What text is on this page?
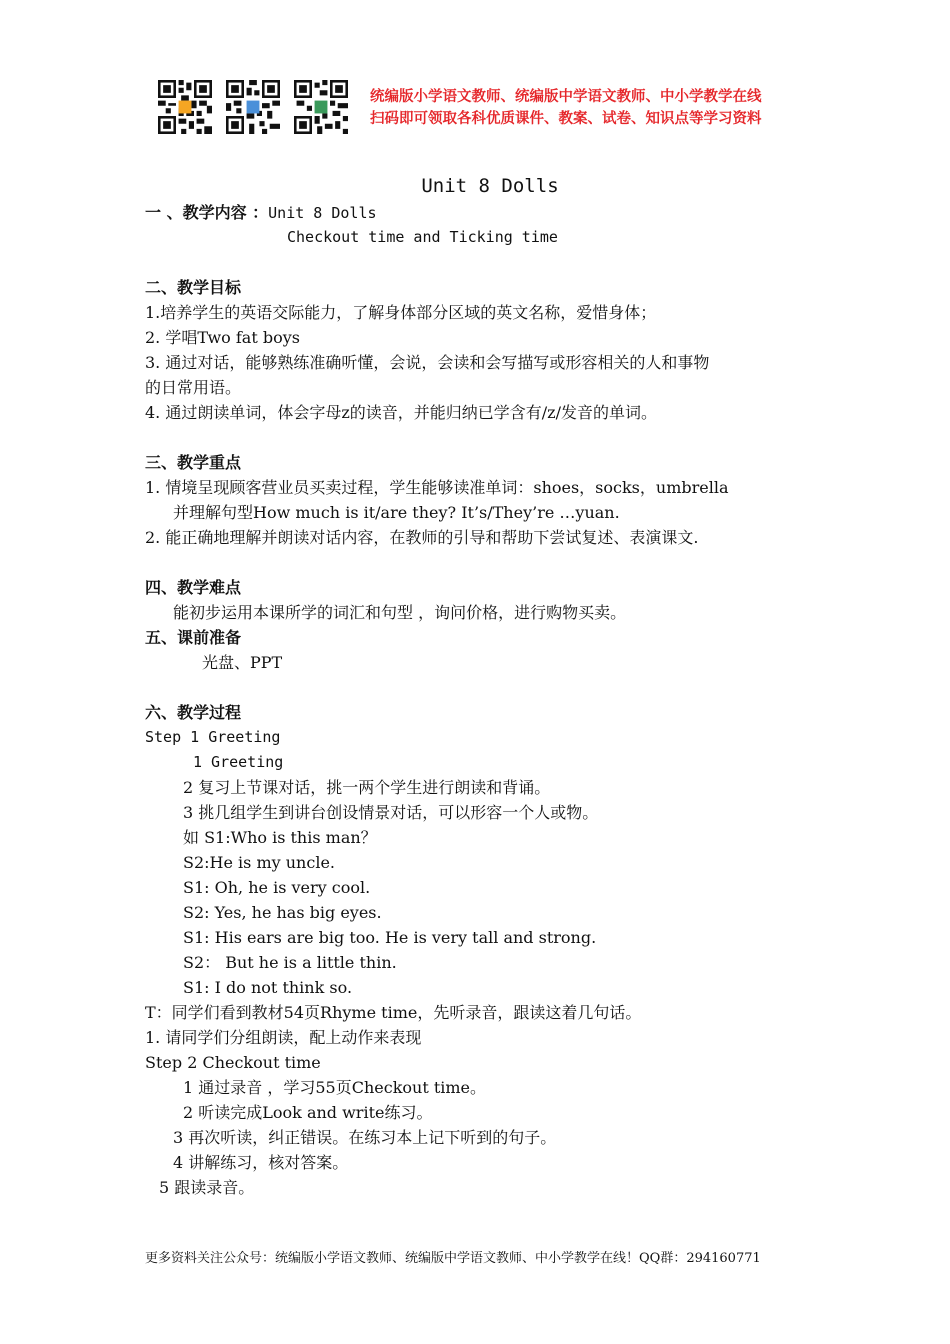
统编版小学语文教师、统编版中学语文教师、中小学教学在线
扫码即可领取各科优质课件、教案、试卷、知识点等学习资料
Unit 8 Dolls
一 、教学内容 ：Unit 8 Dolls
Checkout time and Ticking time
二、教学目标
1.培养学生的英语交际能力，了解身体部分区域的英文名称，爱惜身体；
2. 学唱Two fat boys
3. 通过对话，能够熟练准确听懂，会说，会读和会写描写或形容相关的人和事物
的日常用语。
4. 通过朗读单词，体会字母z的读音，并能归纳已学含有/z/发音的单词。
三、教学重点
1. 情境呈现顾客营业员买卖过程，学生能够读准单词：shoes，socks，umbrella
并理解句型How much is it/are they? It’s/They’re …yuan.
2. 能正确地理解并朗读对话内容，在教师的引导和帮助下尝试复述、表演课文.
四、教学难点
能初步运用本课所学的词汇和句型 ，询问价格，进行购物买卖。
五、课前准备
光盘、PPT
六、教学过程
Step 1 Greeting
1 Greeting
2 复习上节课对话，挑一两个学生进行朗读和背诵。
3 挑几组学生到讲台创设情景对话，可以形容一个人或物。
如 S1:Who is this man？
S2:He is my uncle.
S1: Oh, he is very cool.
S2: Yes, he has big eyes.
S1: His ears are big too. He is very tall and strong.
S2： But he is a little thin.
S1: I do not think so.
T：同学们看到教材54页Rhyme time，先听录音，跟读这着几句话。
1. 请同学们分组朗读，配上动作来表现
Step 2 Checkout time
1 通过录音 ，学习55页Checkout time。
2 听读完成Look and write练习。
3 再次听读，纠正错误。在练习本上记下听到的句子。
4 讲解练习，核对答案。
5 跟读录音。
更多资料关注公众号：统编版小学语文教师、统编版中学语文教师、中小学教学在线！QQ群：294160771
